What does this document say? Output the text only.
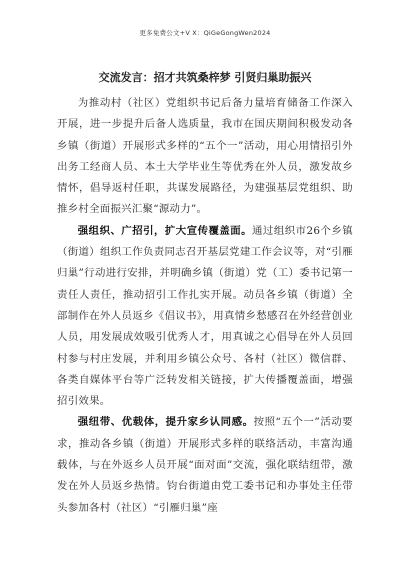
更多免费公文+V X：QiGeGongWen2024
交流发言：招才共筑桑梓梦 引贤归巢助振兴

为推动村（社区）党组织书记后备力量培育储备工作深入开展，进一步提升后备人选质量，我市在国庆期间积极发动各乡镇（街道）开展形式多样的“五个一”活动，用心用情招引外出务工经商人员、本土大学毕业生等优秀在外人员，激发故乡情怀，倡导返村任职，共谋发展路径，为建强基层党组织、助推乡村全面振兴汇聚“源动力”。

强组织、广招引，扩大宣传覆盖面。通过组织市26个乡镇（街道）组织工作负责同志召开基层党建工作会议等，对“引雁归巢”行动进行安排，并明确乡镇（街道）党（工）委书记第一责任人责任，推动招引工作扎实开展。动员各乡镇（街道）全部制作在外人员返乡《倡议书》，用真情乡愁感召在外经营创业人员，用发展成效吸引优秀人才，用真诚之心倡导在外人员回村参与村庄发展，并利用乡镇公众号、各村（社区）微信群、各类自媒体平台等广泛转发相关链接，扩大传播覆盖面，增强招引效果。

强纽带、优载体，提升家乡认同感。按照“五个一”活动要求，推动各乡镇（街道）开展形式多样的联络活动，丰富沟通载体，与在外返乡人员开展“面对面”交流，强化联结纽带，激发在外人员返乡热情。钧台街道由党工委书记和办事处主任带头参加各村（社区）“引雁归巢”座
